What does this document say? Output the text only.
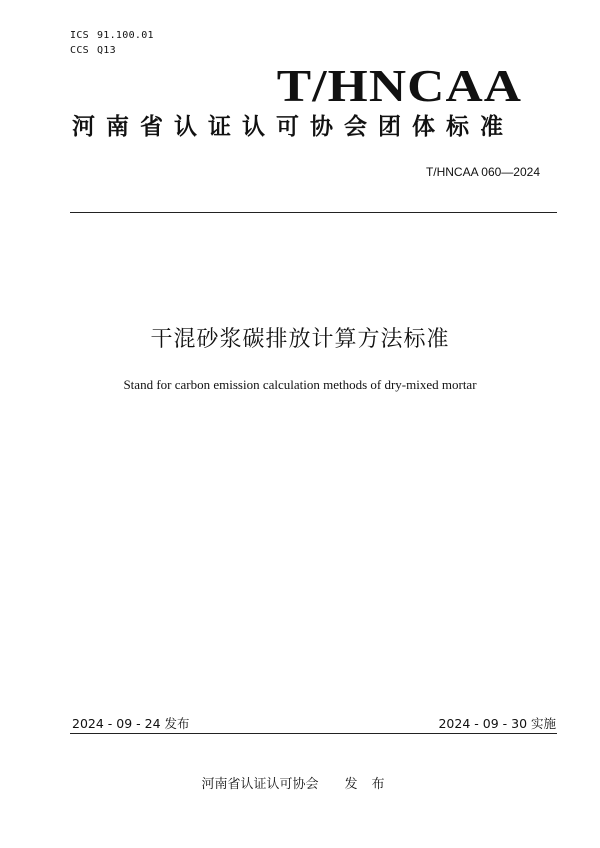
ICS 91.100.01
CCS Q13
T/HNCAA
河南省认证认可协会团体标准
T/HNCAA 060—2024
干混砂浆碳排放计算方法标准
Stand for carbon emission calculation methods of dry-mixed mortar
2024 - 09 - 24 发布	2024 - 09 - 30 实施
河南省认证认可协会 发布
